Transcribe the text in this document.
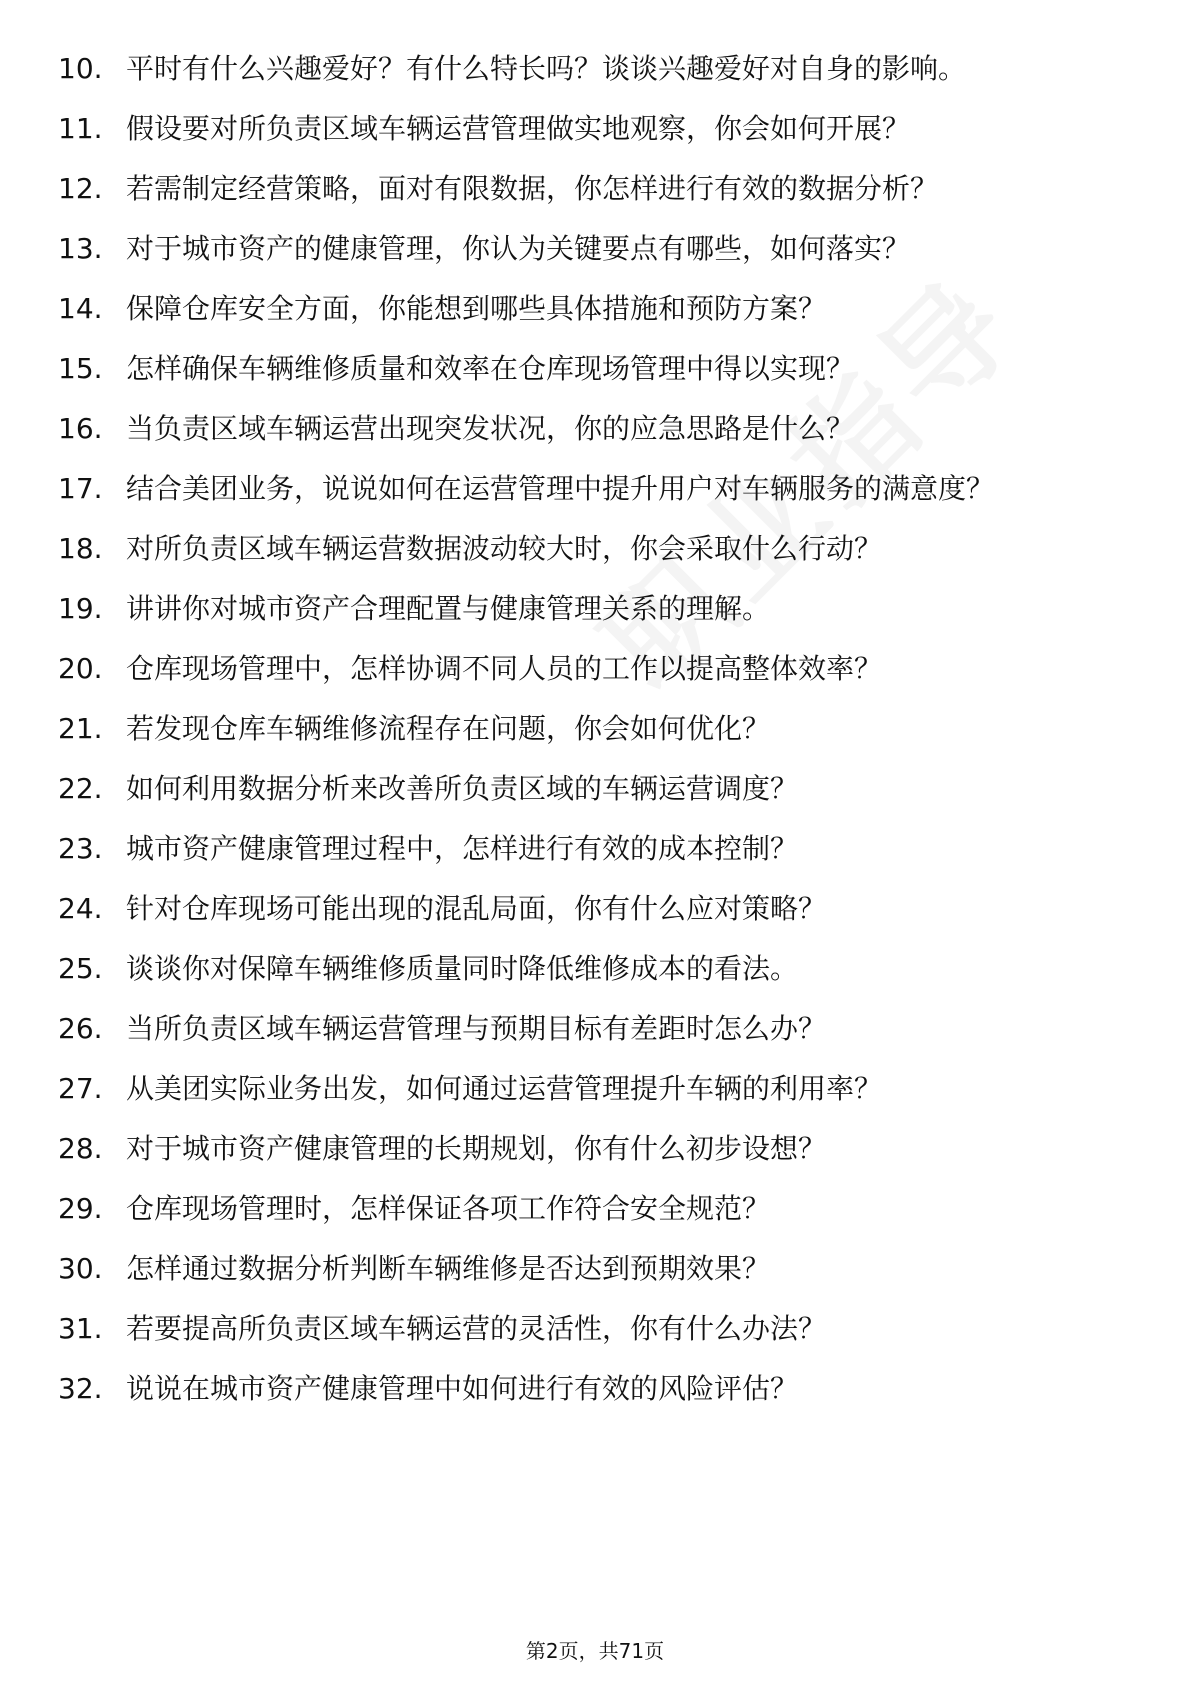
10. 平时有什么兴趣爱好？有什么特长吗？谈谈兴趣爱好对自身的影响。
11. 假设要对所负责区域车辆运营管理做实地观察，你会如何开展？
12. 若需制定经营策略，面对有限数据，你怎样进行有效的数据分析？
13. 对于城市资产的健康管理，你认为关键要点有哪些，如何落实？
14. 保障仓库安全方面，你能想到哪些具体措施和预防方案？
15. 怎样确保车辆维修质量和效率在仓库现场管理中得以实现？
16. 当负责区域车辆运营出现突发状况，你的应急思路是什么？
17. 结合美团业务，说说如何在运营管理中提升用户对车辆服务的满意度？
18. 对所负责区域车辆运营数据波动较大时，你会采取什么行动？
19. 讲讲你对城市资产合理配置与健康管理关系的理解。
20. 仓库现场管理中，怎样协调不同人员的工作以提高整体效率？
21. 若发现仓库车辆维修流程存在问题，你会如何优化？
22. 如何利用数据分析来改善所负责区域的车辆运营调度？
23. 城市资产健康管理过程中，怎样进行有效的成本控制？
24. 针对仓库现场可能出现的混乱局面，你有什么应对策略？
25. 谈谈你对保障车辆维修质量同时降低维修成本的看法。
26. 当所负责区域车辆运营管理与预期目标有差距时怎么办？
27. 从美团实际业务出发，如何通过运营管理提升车辆的利用率？
28. 对于城市资产健康管理的长期规划，你有什么初步设想？
29. 仓库现场管理时，怎样保证各项工作符合安全规范？
30. 怎样通过数据分析判断车辆维修是否达到预期效果？
31. 若要提高所负责区域车辆运营的灵活性，你有什么办法？
32. 说说在城市资产健康管理中如何进行有效的风险评估？
第2页，共71页
